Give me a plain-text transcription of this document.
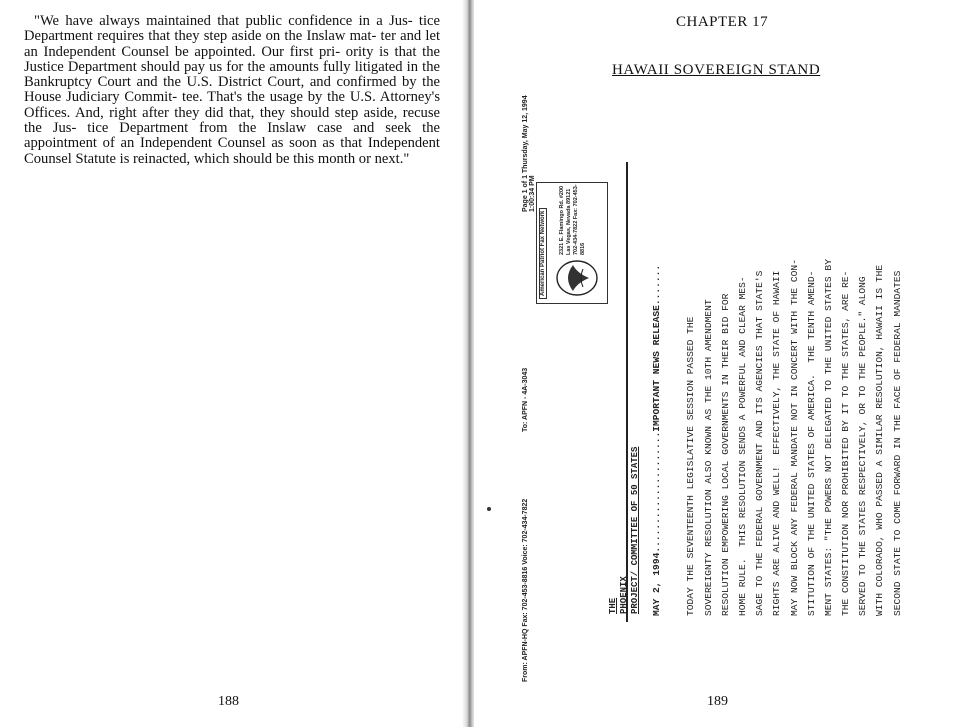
"We have always maintained that public confidence in a Jus- tice Department requires that they step aside on the Inslaw mat- ter and let an Independent Counsel be appointed. Our first pri- ority is that the Justice Department should pay us for the amounts fully litigated in the Bankruptcy Court and the U.S. District Court, and confirmed by the House Judiciary Commit- tee. That's the usage by the U.S. Attorney's Offices. And, right after they did that, they should step aside, recuse the Jus- tice Department from the Inslaw case and seek the appointment of an Independent Counsel as soon as that Independent Counsel Statute is reinacted, which should be this month or next."

188
CHAPTER 17
HAWAII SOVEREIGN STAND
From: APFN-HQ Fax: 702-453-8816 Voice: 702-434-7822
To: APFN - 4A-3043
Page 1 of 1 Thursday, May 12, 1994 1:00:34 PM
American Patriot Fax Network 2321 E. Flamingo Rd. #200 Las Vegas, Nevada 89121 702-434-7822 Fax: 702-453-8816
THE PHOENIX PROJECT/ COMMITTEE OF 50 STATES	MAY 2, 1994.....................IMPORTANT NEWS RELEASE.......	TODAY THE SEVENTEENTH LEGISLATIVE SESSION PASSED THE SOVEREIGNTY RESOLUTION ALSO KNOWN AS THE 10TH AMENDMENT RESOLUTION EMPOWERING LOCAL GOVERNMENTS IN THEIR BID FOR HOME RULE.  THIS RESOLUTION SENDS A POWERFUL AND CLEAR MES- SAGE TO THE FEDERAL GOVERNMENT AND ITS AGENCIES THAT STATE'S RIGHTS ARE ALIVE AND WELL!  EFFECTIVELY, THE STATE OF HAWAII MAY NOW BLOCK ANY FEDERAL MANDATE NOT IN CONCERT WITH THE CON- STITUTION OF THE UNITED STATES OF AMERICA.  THE TENTH AMEND- MENT STATES: "THE POWERS NOT DELEGATED TO THE UNITED STATES BY THE CONSTITUTION NOR PROHIBITED BY IT TO THE STATES, ARE RE- SERVED TO THE STATES RESPECTIVELY, OR TO THE PEOPLE." ALONG WITH COLORADO, WHO PASSED A SIMILAR RESOLUTION, HAWAII IS THE SECOND STATE TO COME FORWARD IN THE FACE OF FEDERAL MANDATES
189
